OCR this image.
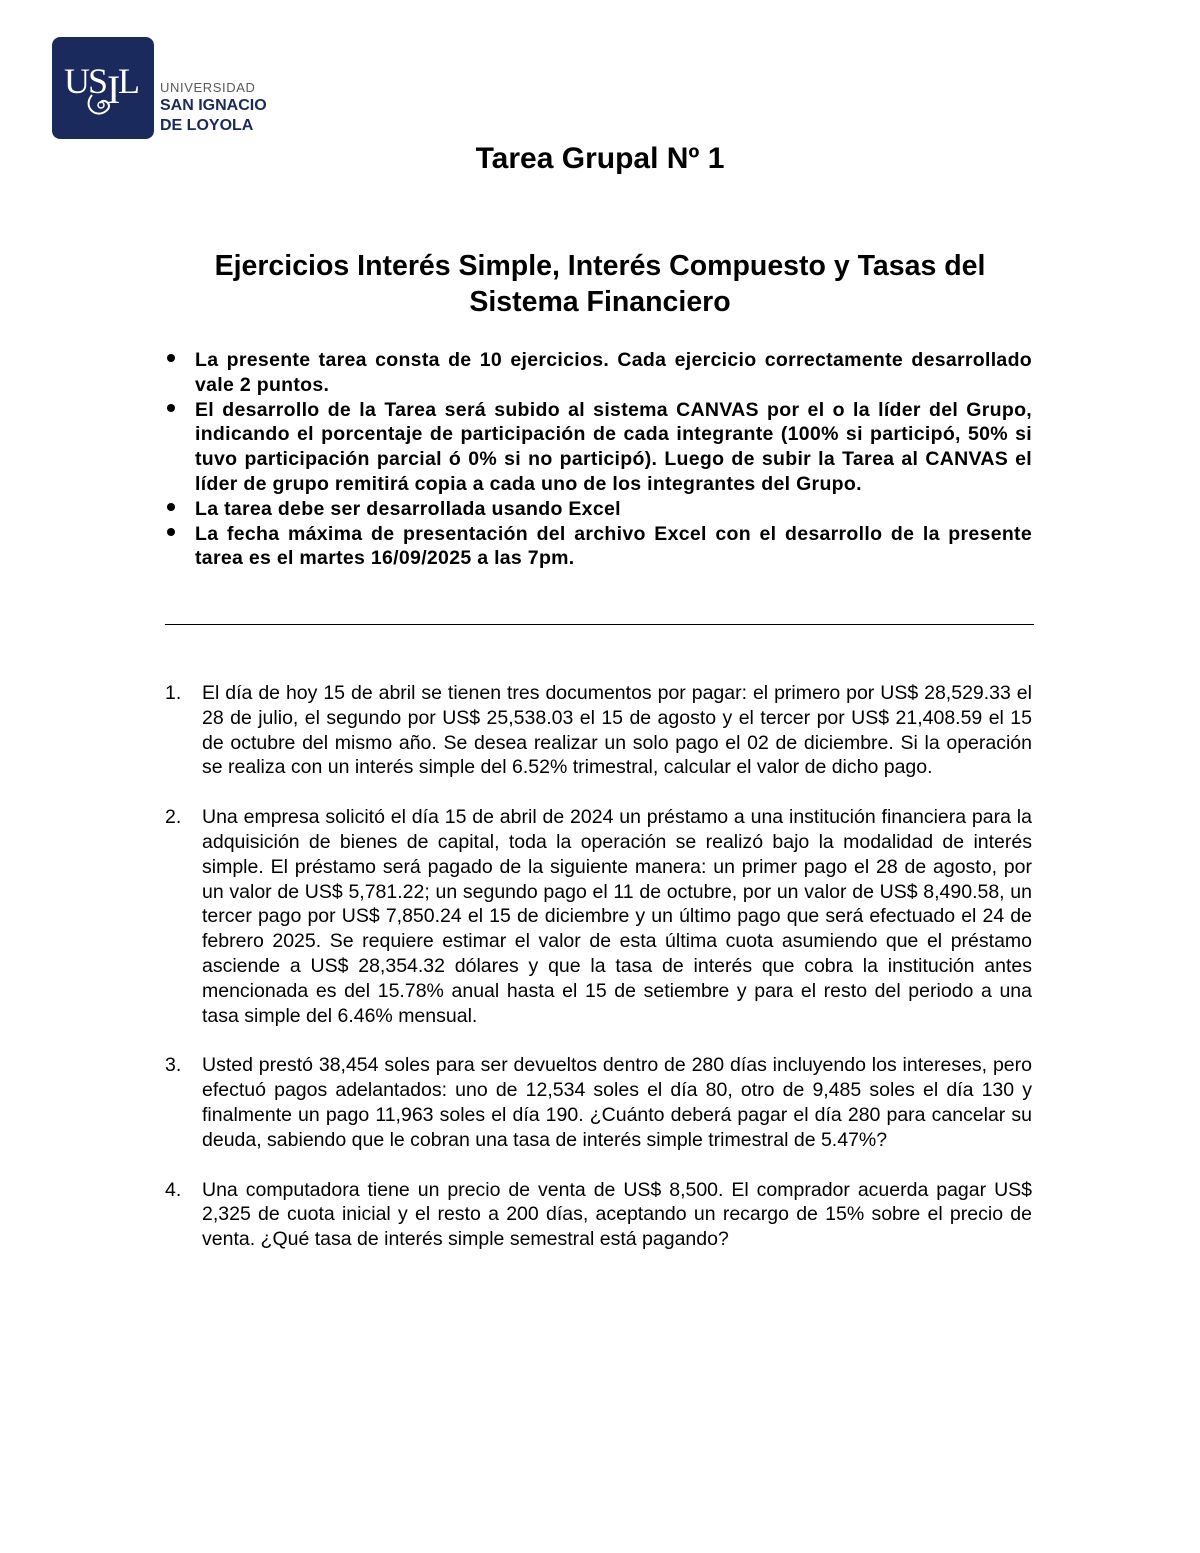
U
S
I
L UNIVERSIDAD
SAN IGNACIO
DE LOYOLA
Tarea Grupal Nº 1
Ejercicios Interés Simple, Interés Compuesto y Tasas del Sistema Financiero
La presente tarea consta de 10 ejercicios. Cada ejercicio correctamente desarrollado vale 2 puntos.
El desarrollo de la Tarea será subido al sistema CANVAS por el o la líder del Grupo, indicando el porcentaje de participación de cada integrante (100% si participó, 50% si tuvo participación parcial ó 0% si no participó). Luego de subir la Tarea al CANVAS el líder de grupo remitirá copia a cada uno de los integrantes del Grupo.
La tarea debe ser desarrollada usando Excel
La fecha máxima de presentación del archivo Excel con el desarrollo de la presente tarea es el martes 16/09/2025 a las 7pm.
1. El día de hoy 15 de abril se tienen tres documentos por pagar: el primero por US$ 28,529.33 el 28 de julio, el segundo por US$ 25,538.03 el 15 de agosto y el tercer por US$ 21,408.59 el 15 de octubre del mismo año. Se desea realizar un solo pago el 02 de diciembre. Si la operación se realiza con un interés simple del 6.52% trimestral, calcular el valor de dicho pago.
2. Una empresa solicitó el día 15 de abril de 2024 un préstamo a una institución financiera para la adquisición de bienes de capital, toda la operación se realizó bajo la modalidad de interés simple. El préstamo será pagado de la siguiente manera: un primer pago el 28 de agosto, por un valor de US$ 5,781.22; un segundo pago el 11 de octubre, por un valor de US$ 8,490.58, un tercer pago por US$ 7,850.24 el 15 de diciembre y un último pago que será efectuado el 24 de febrero 2025. Se requiere estimar el valor de esta última cuota asumiendo que el préstamo asciende a US$ 28,354.32 dólares y que la tasa de interés que cobra la institución antes mencionada es del 15.78% anual hasta el 15 de setiembre y para el resto del periodo a una tasa simple del 6.46% mensual.
3. Usted prestó 38,454 soles para ser devueltos dentro de 280 días incluyendo los intereses, pero efectuó pagos adelantados: uno de 12,534 soles el día 80, otro de 9,485 soles el día 130 y finalmente un pago 11,963 soles el día 190. ¿Cuánto deberá pagar el día 280 para cancelar su deuda, sabiendo que le cobran una tasa de interés simple trimestral de 5.47%?
4. Una computadora tiene un precio de venta de US$ 8,500. El comprador acuerda pagar US$ 2,325 de cuota inicial y el resto a 200 días, aceptando un recargo de 15% sobre el precio de venta. ¿Qué tasa de interés simple semestral está pagando?
